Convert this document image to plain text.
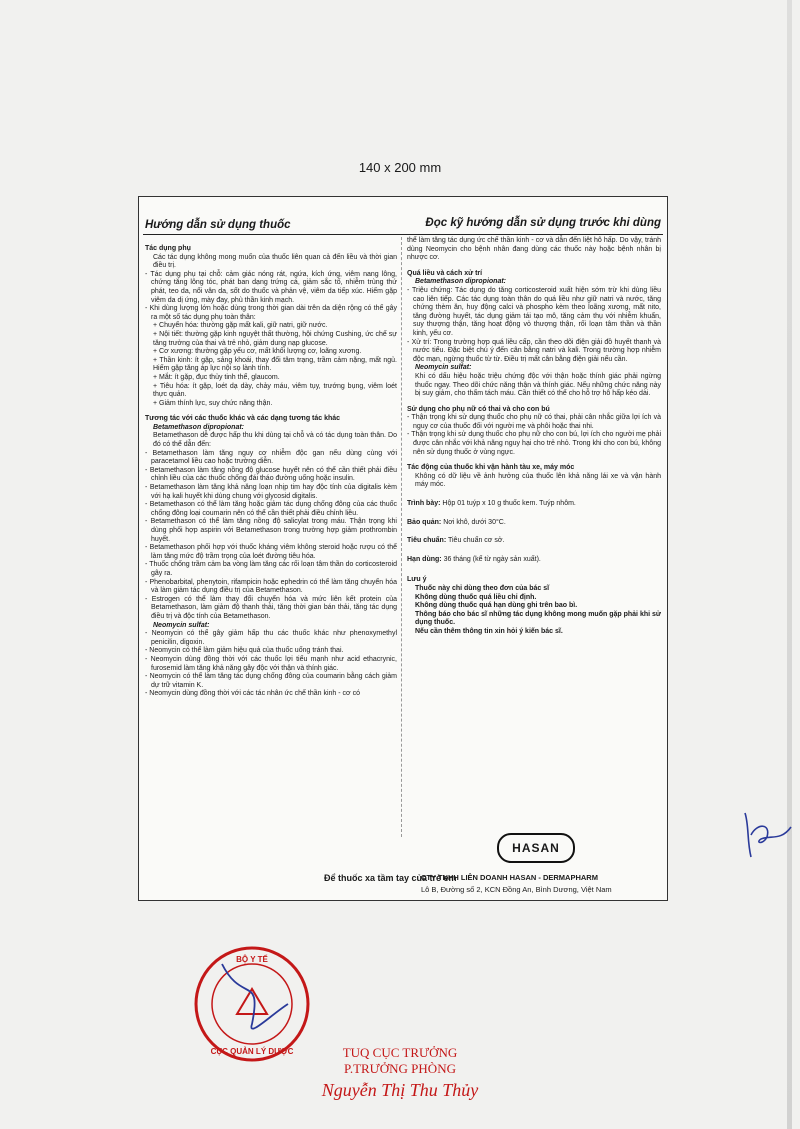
140 x 200 mm
Hướng dẫn sử dụng thuốc	Đọc kỹ hướng dẫn sử dụng trước khi dùng
Tác dụng phụ

Các tác dụng không mong muốn của thuốc liên quan cả đến liều và thời gian điều trị.

- Tác dụng phụ tại chỗ: cảm giác nóng rát, ngứa, kích ứng, viêm nang lông, chứng tăng lông tóc, phát ban dạng trứng cá, giảm sắc tố, nhiễm trùng thứ phát, teo da, nổi vân da, sốt do thuốc và phản vệ, viêm da tiếp xúc. Hiếm gặp viêm da dị ứng, mày đay, phù thần kinh mạch.

- Khi dùng lượng lớn hoặc dùng trong thời gian dài trên da diện rộng có thể gây ra một số tác dụng phụ toàn thân:

+ Chuyển hóa: thường gặp mất kali, giữ natri, giữ nước.

+ Nội tiết: thường gặp kinh nguyệt thất thường, hội chứng Cushing, ức chế sự tăng trưởng của thai và trẻ nhỏ, giảm dung nạp glucose.

+ Cơ xương: thường gặp yếu cơ, mất khối lượng cơ, loãng xương.

+ Thần kinh: ít gặp, sảng khoái, thay đổi tâm trạng, trầm cảm nặng, mất ngủ. Hiếm gặp tăng áp lực nội sọ lành tính.

+ Mắt: ít gặp, đục thủy tinh thể, glaucom.

+ Tiêu hóa: ít gặp, loét dạ dày, chảy máu, viêm tụy, trướng bụng, viêm loét thực quản.

+ Giảm thính lực, suy chức năng thận.

Tương tác với các thuốc khác và các dạng tương tác khác
Betamethason dipropionat:

Betamethason dễ được hấp thu khi dùng tại chỗ và có tác dụng toàn thân. Do đó có thể dẫn đến:

- Betamethason làm tăng nguy cơ nhiễm độc gan nếu dùng cùng với paracetamol liều cao hoặc trường diễn.

- Betamethason làm tăng nồng độ glucose huyết nên có thể cần thiết phải điều chỉnh liều của các thuốc chống đái tháo đường uống hoặc insulin.

- Betamethason làm tăng khả năng loạn nhịp tim hay độc tính của digitalis kèm với hạ kali huyết khi dùng chung với glycosid digitalis.

- Betamethason có thể làm tăng hoặc giảm tác dụng chống đông của các thuốc chống đông loại coumarin nên có thể cần thiết phải điều chỉnh liều.

- Betamethason có thể làm tăng nồng độ salicylat trong máu. Thận trọng khi dùng phối hợp aspirin với Betamethason trong trường hợp giảm prothrombin huyết.

- Betamethason phối hợp với thuốc kháng viêm không steroid hoặc rượu có thể làm tăng mức độ trầm trọng của loét đường tiêu hóa.

- Thuốc chống trầm cảm ba vòng làm tăng các rối loạn tâm thần do corticosteroid gây ra.

- Phenobarbital, phenytoin, rifampicin hoặc ephedrin có thể làm tăng chuyển hóa và làm giảm tác dụng điều trị của Betamethason.

- Estrogen có thể làm thay đổi chuyển hóa và mức liên kết protein của Betamethason, làm giảm độ thanh thải, tăng thời gian bán thải, tăng tác dụng điều trị và độc tính của Betamethason.

Neomycin sulfat:

- Neomycin có thể gây giảm hấp thu các thuốc khác như phenoxymethyl penicilin, digoxin.

- Neomycin có thể làm giảm hiệu quả của thuốc uống tránh thai.

- Neomycin dùng đồng thời với các thuốc lợi tiểu mạnh như acid ethacrynic, furosemid làm tăng khả năng gây độc với thận và thính giác.

- Neomycin có thể làm tăng tác dụng chống đông của coumarin bằng cách giảm dự trữ vitamin K.

- Neomycin dùng đồng thời với các tác nhân ức chế thần kinh - cơ có

thể làm tăng tác dụng ức chế thần kinh - cơ và dẫn đến liệt hô hấp. Do vậy, tránh dùng Neomycin cho bệnh nhân đang dùng các thuốc này hoặc bệnh nhân bị nhược cơ.

Quá liều và cách xử trí
Betamethason dipropionat:

- Triệu chứng: Tác dụng do tăng corticosteroid xuất hiện sớm trừ khi dùng liều cao liên tiếp. Các tác dụng toàn thân do quá liều như giữ natri và nước, tăng chứng thèm ăn, huy động calci và phospho kèm theo loãng xương, mất nito, tăng đường huyết, tác dụng giảm tái tạo mô, tăng cảm thụ với nhiễm khuẩn, suy thượng thận, tăng hoạt động vỏ thượng thận, rối loạn tâm thần và thần kinh, yếu cơ.

- Xử trí: Trong trường hợp quá liều cấp, cần theo dõi điện giải đồ huyết thanh và nước tiểu. Đặc biệt chú ý đến cân bằng natri và kali. Trong trường hợp nhiễm độc mạn, ngừng thuốc từ từ. Điều trị mất cân bằng điện giải nếu cần.

Neomycin sulfat:

Khi có dấu hiệu hoặc triệu chứng độc với thận hoặc thính giác phải ngừng thuốc ngay. Theo dõi chức năng thận và thính giác. Nếu những chức năng này bị suy giảm, cho thẩm tách máu. Cần thiết có thể cho hỗ trợ hô hấp kéo dài.

Sử dụng cho phụ nữ có thai và cho con bú

- Thận trọng khi sử dụng thuốc cho phụ nữ có thai, phải cân nhắc giữa lợi ích và nguy cơ của thuốc đối với người mẹ và phôi hoặc thai nhi.

- Thận trọng khi sử dụng thuốc cho phụ nữ cho con bú, lợi ích cho người mẹ phải được cân nhắc với khả năng nguy hại cho trẻ nhỏ. Trong khi cho con bú, không nên sử dụng thuốc ở vùng ngực.

Tác động của thuốc khi vận hành tàu xe, máy móc

Không có dữ liệu về ảnh hưởng của thuốc lên khả năng lái xe và vận hành máy móc.

Trình bày: Hộp 01 tuýp x 10 g thuốc kem. Tuýp nhôm.

Bảo quản: Nơi khô, dưới 30°C.

Tiêu chuẩn: Tiêu chuẩn cơ sở.

Hạn dùng: 36 tháng (kể từ ngày sản xuất).

Lưu ý

Thuốc này chỉ dùng theo đơn của bác sĩ

Không dùng thuốc quá liều chỉ định.

Không dùng thuốc quá hạn dùng ghi trên bao bì.

Thông báo cho bác sĩ những tác dụng không mong muốn gặp phải khi sử dụng thuốc.

Nếu cần thêm thông tin xin hỏi ý kiến bác sĩ.

HASAN
CTY TNHH LIÊN DOANH HASAN - DERMAPHARM
Lô B, Đường số 2, KCN Đồng An, Bình Dương, Việt Nam
Để thuốc xa tầm tay của trẻ em
BỘ Y TẾ
CỤC QUẢN LÝ DƯỢC	TUQ CỤC TRƯỞNG
P.TRƯỞNG PHÒNG
Nguyễn Thị Thu Thủy
